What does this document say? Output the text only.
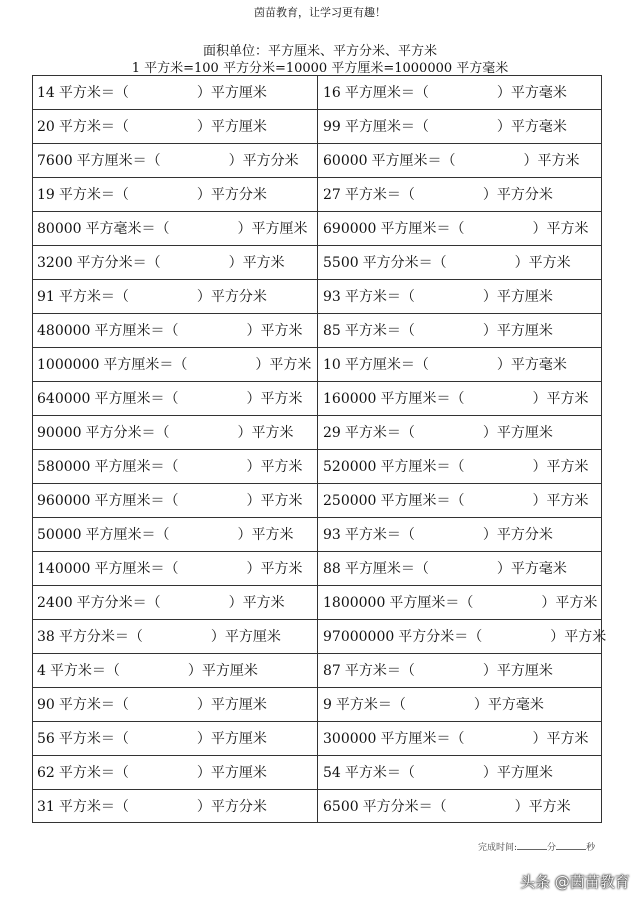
茵苗教育，让学习更有趣！
面积单位：平方厘米、平方分米、平方米
1 平方米=100 平方分米=10000 平方厘米=1000000 平方毫米
14 平方米＝（	）平方厘米	16 平方厘米＝（	）平方毫米
20 平方米＝（	）平方厘米	99 平方厘米＝（	）平方毫米
7600 平方厘米＝（	）平方分米	60000 平方厘米＝（	）平方米
19 平方米＝（	）平方分米	27 平方米＝（	）平方分米
80000 平方毫米＝（	）平方厘米	690000 平方厘米＝（	）平方米
3200 平方分米＝（	）平方米	5500 平方分米＝（	）平方米
91 平方米＝（	）平方分米	93 平方米＝（	）平方厘米
480000 平方厘米＝（	）平方米	85 平方米＝（	）平方厘米
1000000 平方厘米＝（	）平方米 10 平方厘米＝（	）平方毫米
640000 平方厘米＝（	）平方米	160000 平方厘米＝（	）平方米
90000 平方分米＝（	）平方米	29 平方米＝（	）平方厘米
580000 平方厘米＝（	）平方米	520000 平方厘米＝（	）平方米
960000 平方厘米＝（	）平方米	250000 平方厘米＝（	）平方米
50000 平方厘米＝（	）平方米	93 平方米＝（	）平方分米
140000 平方厘米＝（	）平方米	88 平方厘米＝（	）平方毫米
2400 平方分米＝（	）平方米	1800000 平方厘米＝（	）平方米
38 平方分米＝（	）平方厘米	97000000 平方分米＝（	）平方米
4 平方米＝（	）平方厘米	87 平方米＝（	）平方厘米
90 平方米＝（	）平方厘米	9 平方米＝（	）平方毫米
56 平方米＝（	）平方厘米	300000 平方厘米＝（	）平方米
62 平方米＝（	）平方厘米	54 平方米＝（	）平方厘米
31 平方米＝（	）平方分米	6500 平方分米＝（	）平方米
完成时间:	分	秒
头条 @茵苗教育
